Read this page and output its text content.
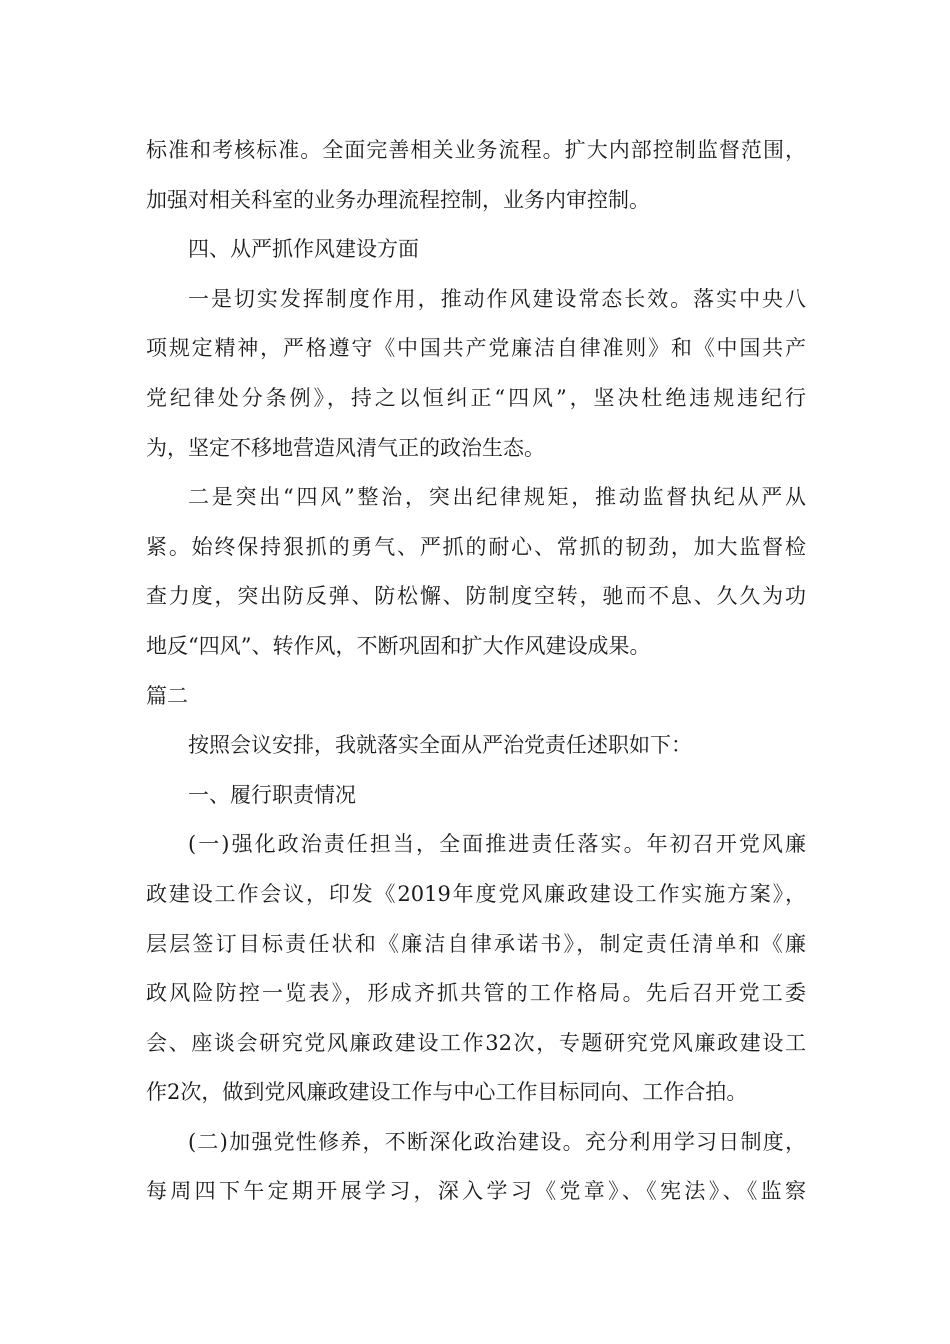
标准和考核标准。全面完善相关业务流程。扩大内部控制监督范围，
加强对相关科室的业务办理流程控制，业务内审控制。
四、从严抓作风建设方面
一是切实发挥制度作用，推动作风建设常态长效。落实中央八
项规定精神，严格遵守《中国共产党廉洁自律准则》和《中国共产
党纪律处分条例》，持之以恒纠正“四风”，坚决杜绝违规违纪行
为，坚定不移地营造风清气正的政治生态。
二是突出“四风”整治，突出纪律规矩，推动监督执纪从严从
紧。始终保持狠抓的勇气、严抓的耐心、常抓的韧劲，加大监督检
查力度，突出防反弹、防松懈、防制度空转，驰而不息、久久为功
地反“四风”、转作风，不断巩固和扩大作风建设成果。
篇二
按照会议安排，我就落实全面从严治党责任述职如下：
一、履行职责情况
(一)强化政治责任担当，全面推进责任落实。年初召开党风廉
政建设工作会议，印发《2019年度党风廉政建设工作实施方案》，
层层签订目标责任状和《廉洁自律承诺书》，制定责任清单和《廉
政风险防控一览表》，形成齐抓共管的工作格局。先后召开党工委
会、座谈会研究党风廉政建设工作32次，专题研究党风廉政建设工
作2次，做到党风廉政建设工作与中心工作目标同向、工作合拍。
(二)加强党性修养，不断深化政治建设。充分利用学习日制度，
每周四下午定期开展学习，深入学习《党章》、《宪法》、《监察
